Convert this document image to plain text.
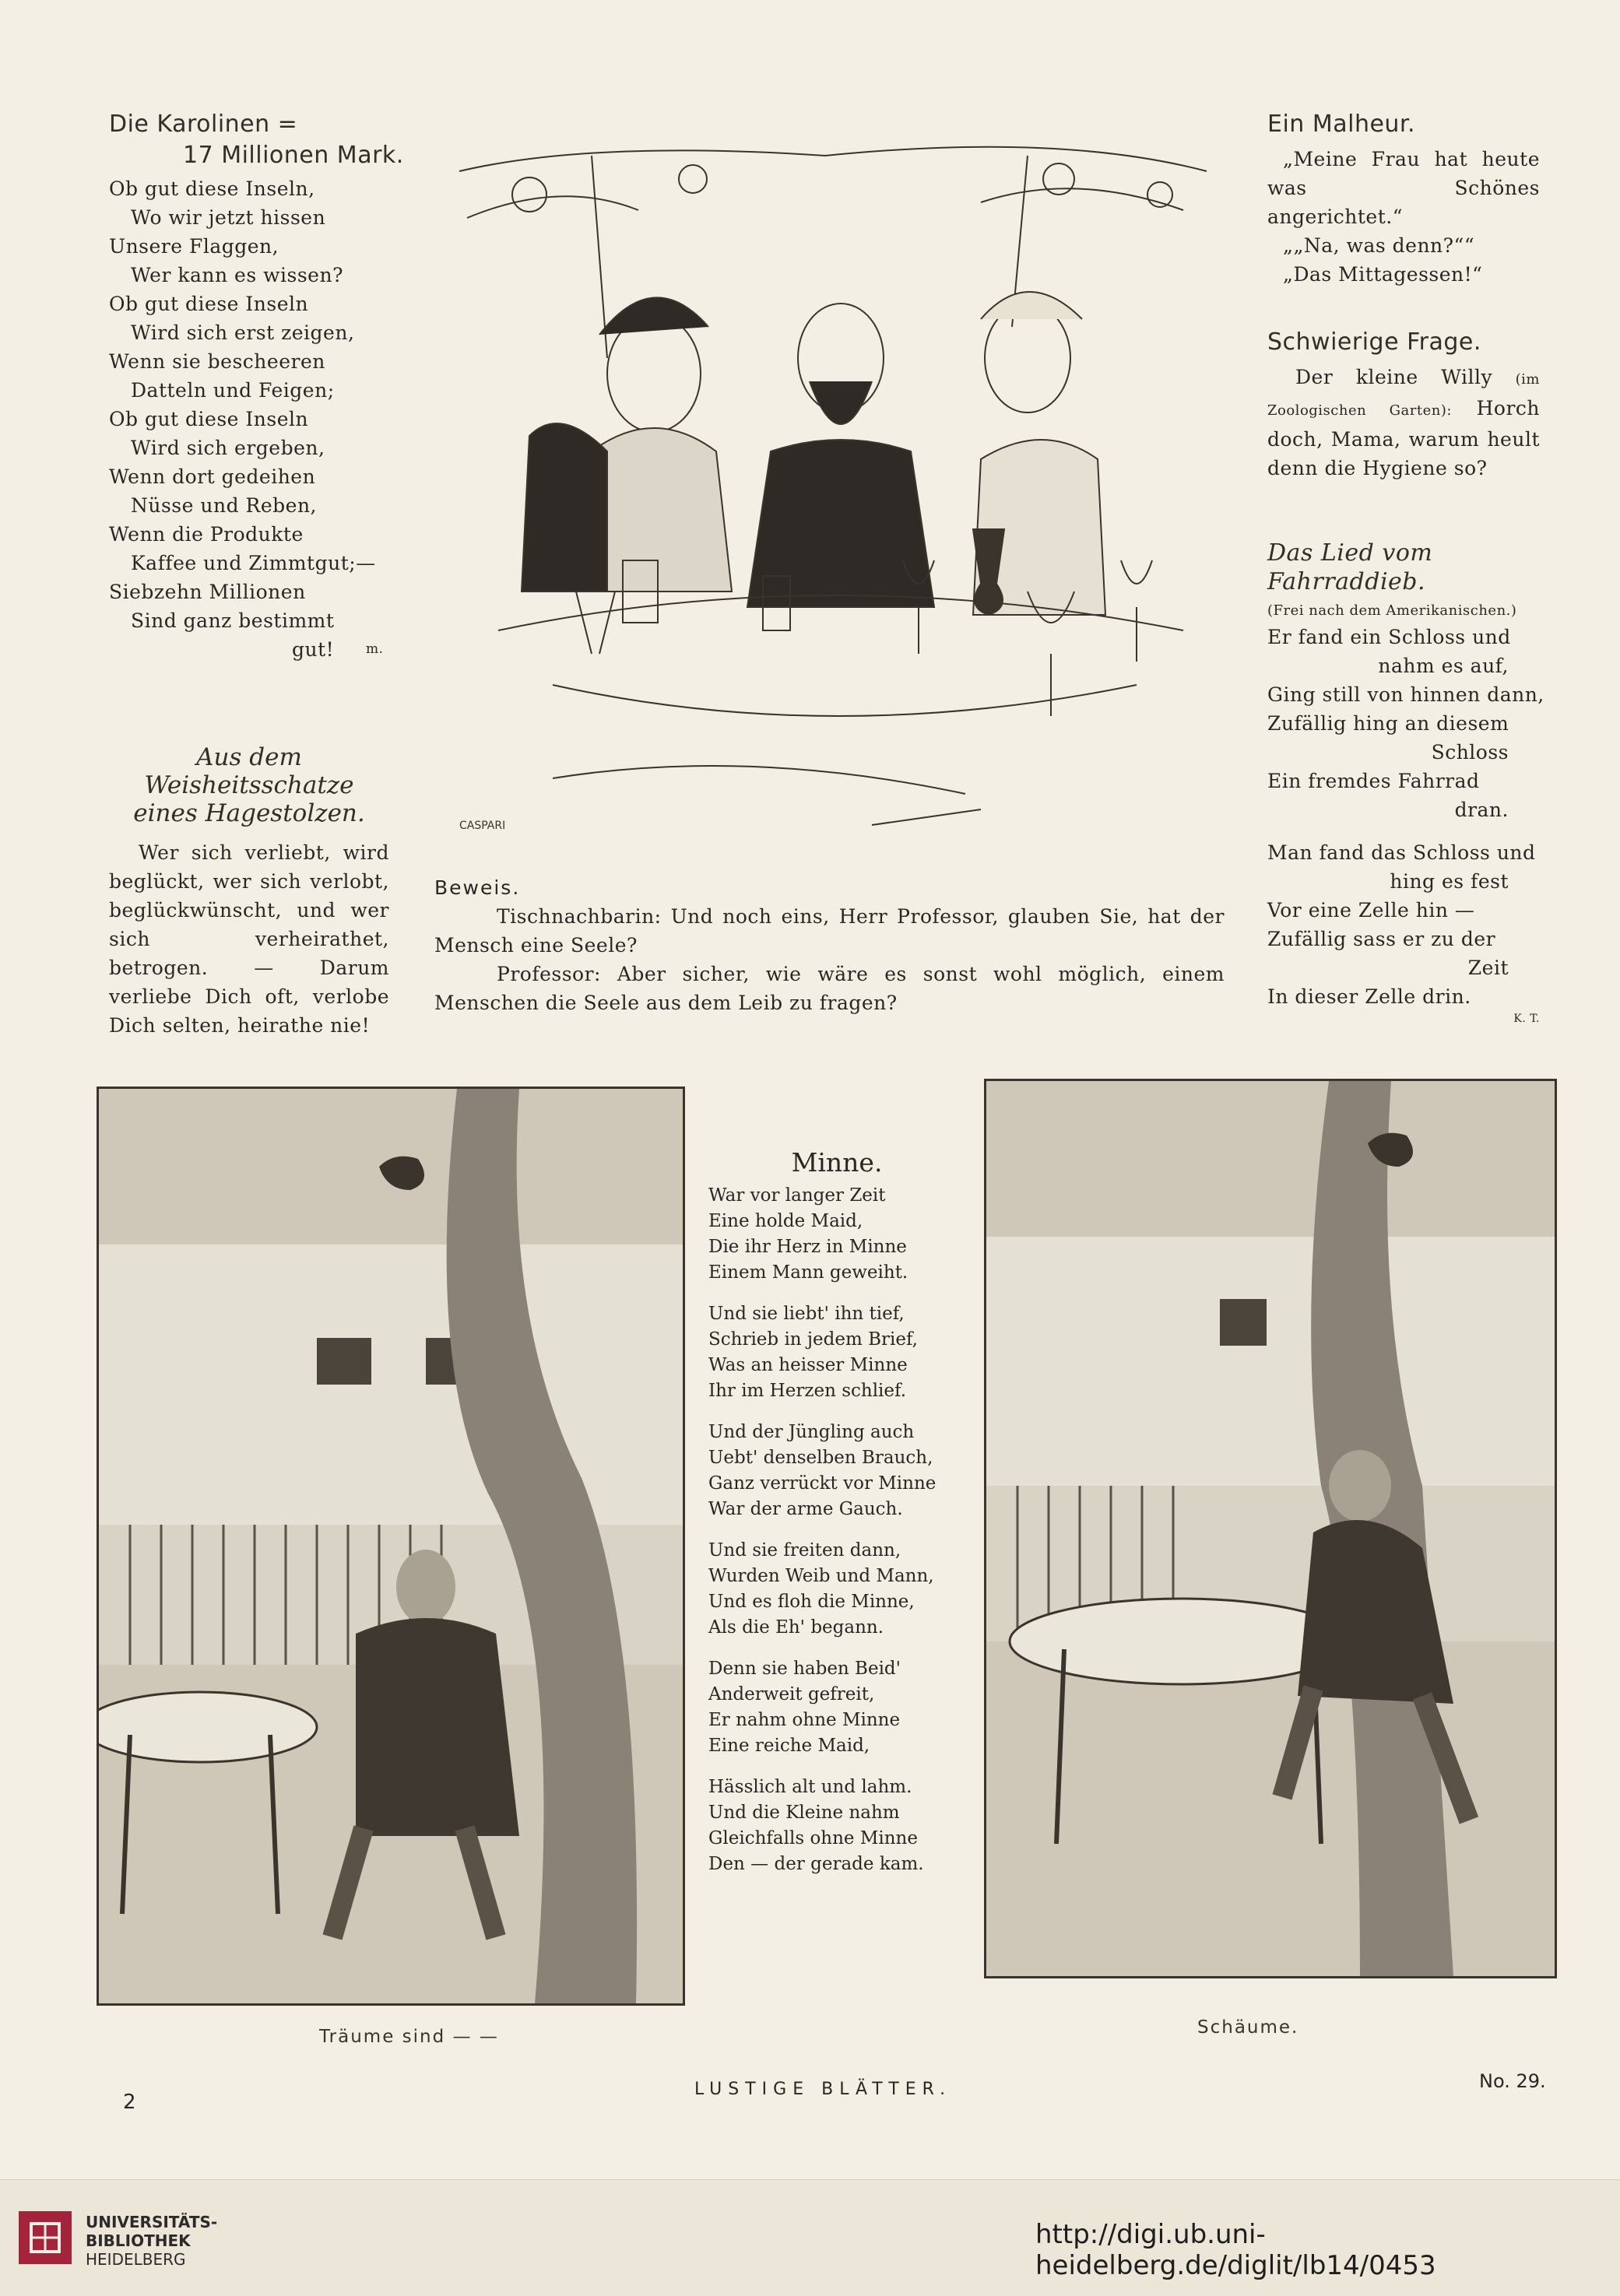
Die Karolinen =
17 Millionen Mark.
Ob gut diese Inseln,
Wo wir jetzt hissen
Unsere Flaggen,
Wer kann es wissen?
Ob gut diese Inseln
Wird sich erst zeigen,
Wenn sie bescheeren
Datteln und Feigen;
Ob gut diese Inseln
Wird sich ergeben,
Wenn dort gedeihen
Nüsse und Reben,
Wenn die Produkte
Kaffee und Zimmtgut;—
Siebzehn Millionen
Sind ganz bestimmt
gut! m.
Aus dem Weisheitsschatze
eines Hagestolzen.

Wer sich verliebt, wird beglückt, wer sich verlobt, beglückwünscht, und wer sich verheirathet, betrogen. — Darum verliebe Dich oft, verlobe Dich selten, heirathe nie!

CASPARI
Beweis.

Tischnachbarin: Und noch eins, Herr Professor, glauben Sie, hat der Mensch eine Seele?

Professor: Aber sicher, wie wäre es sonst wohl möglich, einem Menschen die Seele aus dem Leib zu fragen?

Ein Malheur.

„Meine Frau hat heute was Schönes angerichtet.“

„„Na, was denn?““

„Das Mittagessen!“

Schwierige Frage.

Der kleine Willy (im Zoologischen Garten): Horch doch, Mama, warum heult denn die Hygiene so?

Das Lied vom Fahrraddieb.
(Frei nach dem Amerikanischen.)
Er fand ein Schloss und
nahm es auf,
Ging still von hinnen dann,
Zufällig hing an diesem
Schloss
Ein fremdes Fahrrad
dran.
Man fand das Schloss und
hing es fest
Vor eine Zelle hin —
Zufällig sass er zu der
Zeit
In dieser Zelle drin.
K. T.
Minne.
War vor langer Zeit
Eine holde Maid,
Die ihr Herz in Minne
Einem Mann geweiht.
Und sie liebt' ihn tief,
Schrieb in jedem Brief,
Was an heisser Minne
Ihr im Herzen schlief.
Und der Jüngling auch
Uebt' denselben Brauch,
Ganz verrückt vor Minne
War der arme Gauch.
Und sie freiten dann,
Wurden Weib und Mann,
Und es floh die Minne,
Als die Eh' begann.
Denn sie haben Beid'
Anderweit gefreit,
Er nahm ohne Minne
Eine reiche Maid,
Hässlich alt und lahm.
Und die Kleine nahm
Gleichfalls ohne Minne
Den — der gerade kam.
Träume sind — —	Schäume.
2
LUSTIGE BLÄTTER.	No. 29.
UNIVERSITÄTS-
BIBLIOTHEK
HEIDELBERG
http://digi.ub.uni-heidelberg.de/diglit/lb14/0453
